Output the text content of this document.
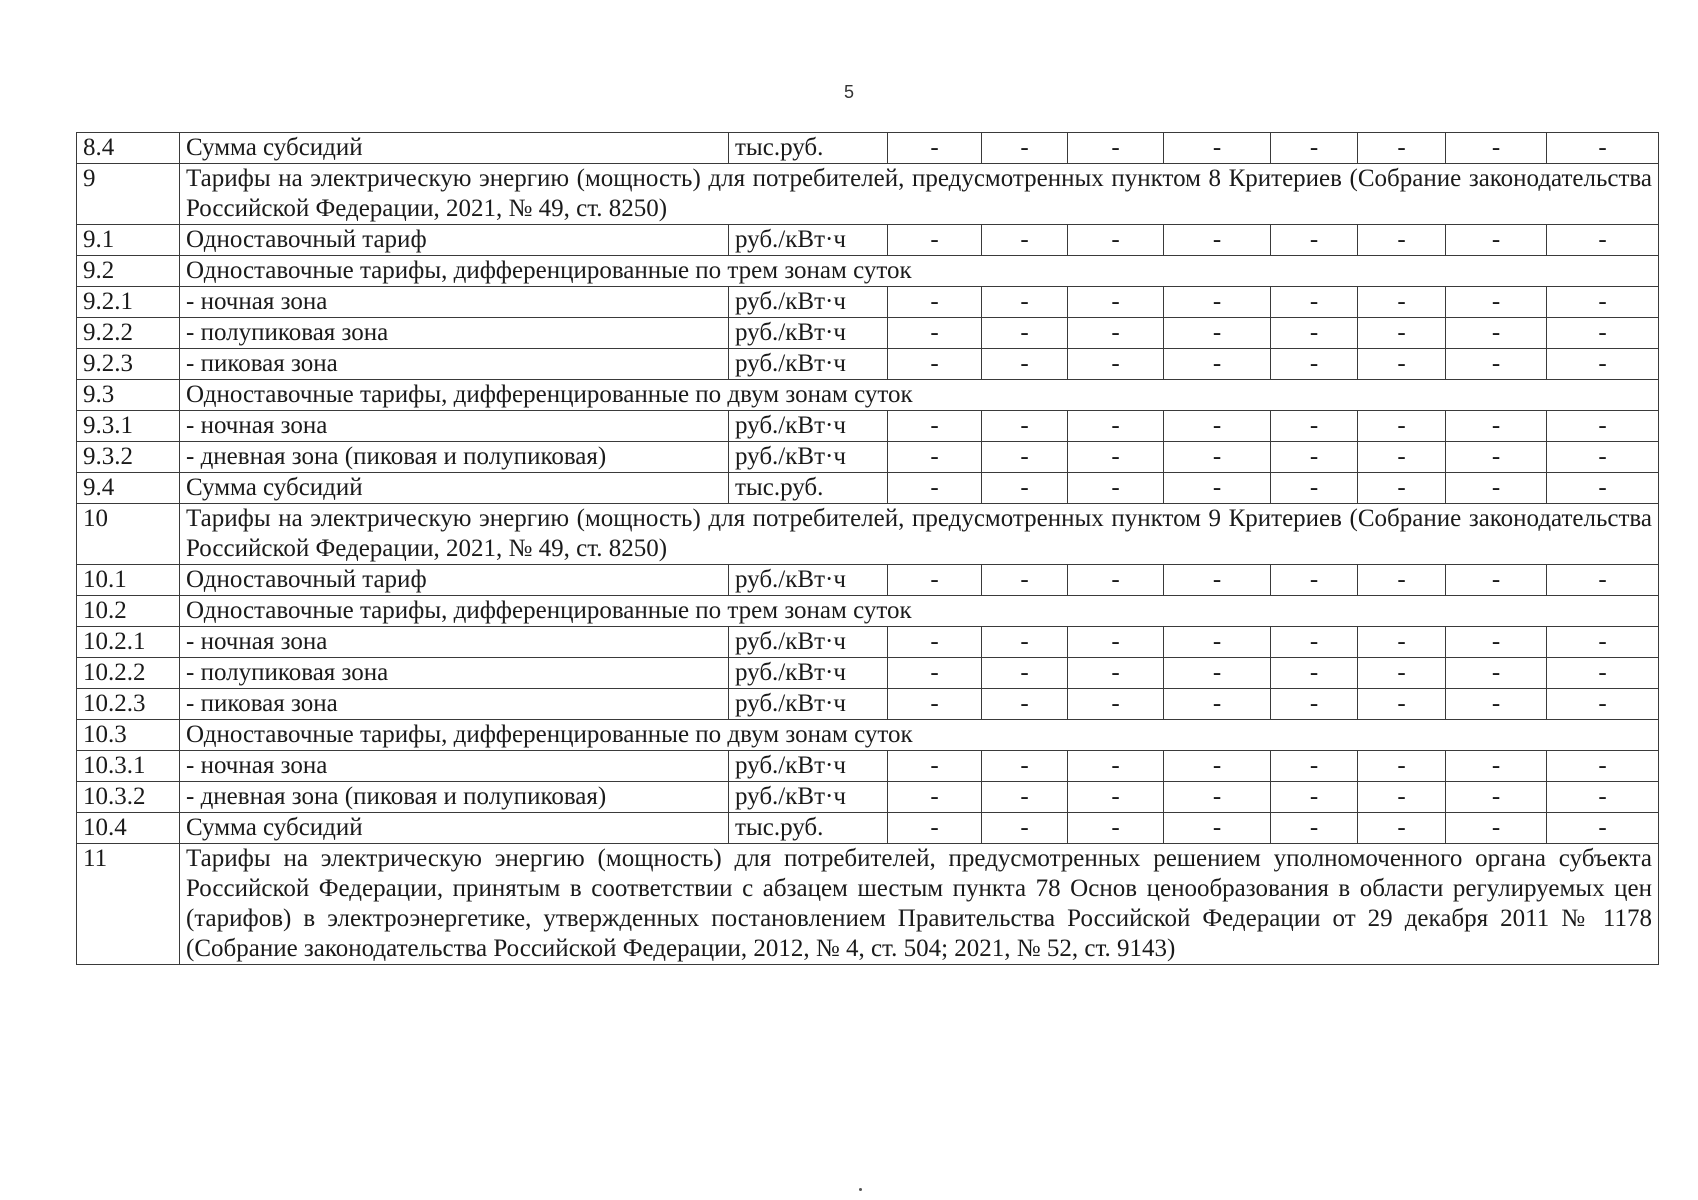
5
8.4	Сумма субсидий	тыс.руб.	-	-	-	-	-	-	-	-
9	Тарифы на электрическую энергию (мощность) для потребителей, предусмотренных пунктом 8 Критериев (Собрание законодательства Российской Федерации, 2021, № 49, ст. 8250)									
9.1	Одноставочный тариф	руб./кВт·ч	-	-	-	-	-	-	-	-
9.2	Одноставочные тарифы, дифференцированные по трем зонам суток									
9.2.1	- ночная зона	руб./кВт·ч	-	-	-	-	-	-	-	-
9.2.2	- полупиковая зона	руб./кВт·ч	-	-	-	-	-	-	-	-
9.2.3	- пиковая зона	руб./кВт·ч	-	-	-	-	-	-	-	-
9.3	Одноставочные тарифы, дифференцированные по двум зонам суток									
9.3.1	- ночная зона	руб./кВт·ч	-	-	-	-	-	-	-	-
9.3.2	- дневная зона (пиковая и полупиковая)	руб./кВт·ч	-	-	-	-	-	-	-	-
9.4	Сумма субсидий	тыс.руб.	-	-	-	-	-	-	-	-
10	Тарифы на электрическую энергию (мощность) для потребителей, предусмотренных пунктом 9 Критериев (Собрание законодательства Российской Федерации, 2021, № 49, ст. 8250)									
10.1	Одноставочный тариф	руб./кВт·ч	-	-	-	-	-	-	-	-
10.2	Одноставочные тарифы, дифференцированные по трем зонам суток									
10.2.1	- ночная зона	руб./кВт·ч	-	-	-	-	-	-	-	-
10.2.2	- полупиковая зона	руб./кВт·ч	-	-	-	-	-	-	-	-
10.2.3	- пиковая зона	руб./кВт·ч	-	-	-	-	-	-	-	-
10.3	Одноставочные тарифы, дифференцированные по двум зонам суток									
10.3.1	- ночная зона	руб./кВт·ч	-	-	-	-	-	-	-	-
10.3.2	- дневная зона (пиковая и полупиковая)	руб./кВт·ч	-	-	-	-	-	-	-	-
10.4	Сумма субсидий	тыс.руб.	-	-	-	-	-	-	-	-
11	Тарифы на электрическую энергию (мощность) для потребителей, предусмотренных решением уполномоченного органа субъекта Российской Федерации, принятым в соответствии с абзацем шестым пункта 78 Основ ценообразования в области регулируемых цен (тарифов) в электроэнергетике, утвержденных постановлением Правительства Российской Федерации от 29 декабря 2011 № 1178 (Собрание законодательства Российской Федерации, 2012, № 4, ст. 504; 2021, № 52, ст. 9143)									
